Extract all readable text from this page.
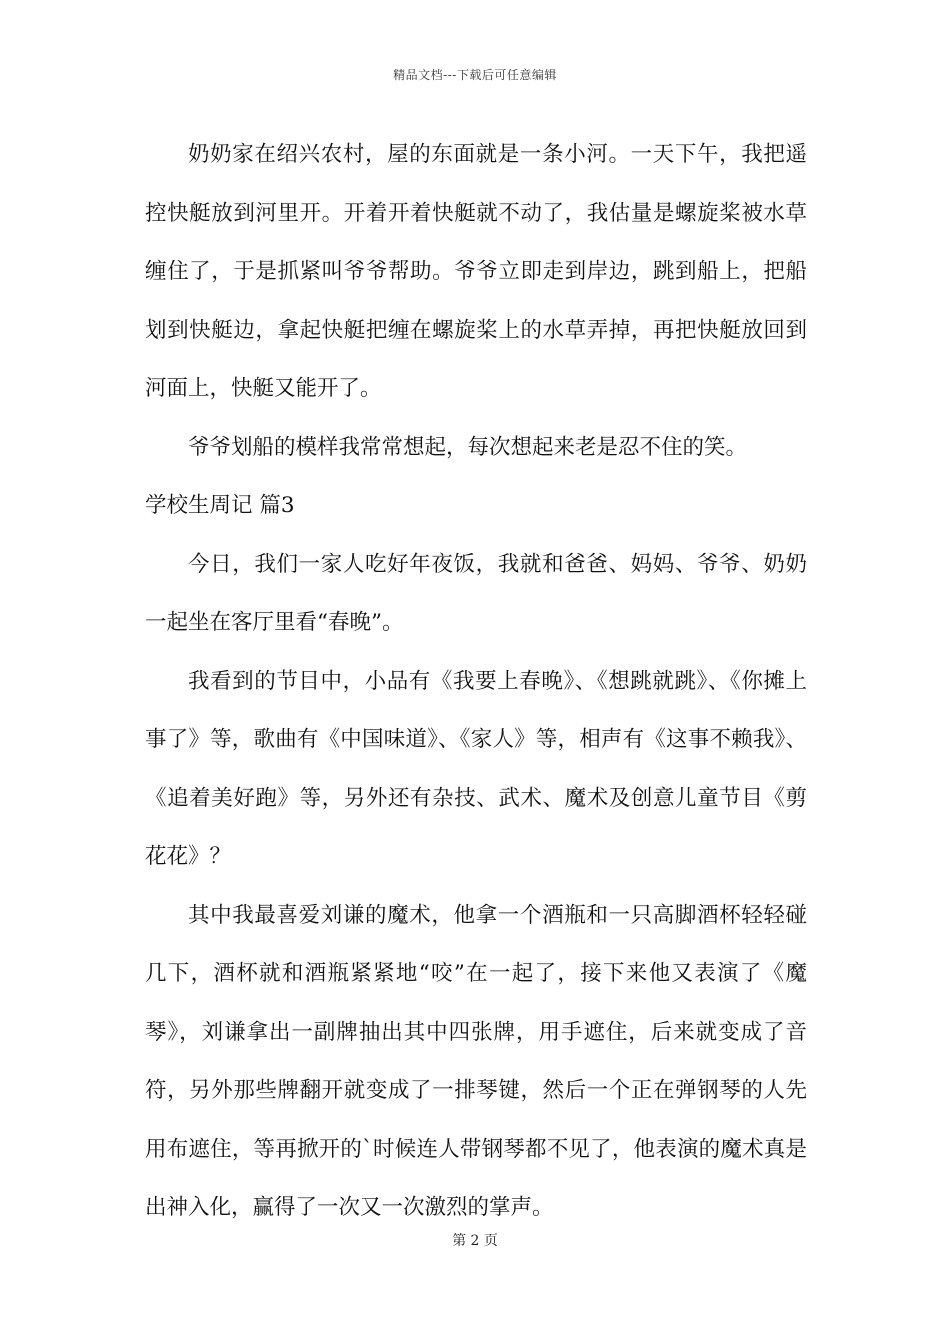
精品文档---下载后可任意编辑

奶奶家在绍兴农村，屋的东面就是一条小河。一天下午，我把遥控快艇放到河里开。开着开着快艇就不动了，我估量是螺旋桨被水草缠住了，于是抓紧叫爷爷帮助。爷爷立即走到岸边，跳到船上，把船划到快艇边，拿起快艇把缠在螺旋桨上的水草弄掉，再把快艇放回到河面上，快艇又能开了。

爷爷划船的模样我常常想起，每次想起来老是忍不住的笑。

学校生周记 篇3

今日，我们一家人吃好年夜饭，我就和爸爸、妈妈、爷爷、奶奶一起坐在客厅里看“春晚”。

我看到的节目中，小品有《我要上春晚》、《想跳就跳》、《你摊上事了》等，歌曲有《中国味道》、《家人》等，相声有《这事不赖我》、《追着美好跑》等，另外还有杂技、武术、魔术及创意儿童节目《剪花花》？

其中我最喜爱刘谦的魔术，他拿一个酒瓶和一只高脚酒杯轻轻碰几下，酒杯就和酒瓶紧紧地“咬”在一起了，接下来他又表演了《魔琴》，刘谦拿出一副牌抽出其中四张牌，用手遮住，后来就变成了音符，另外那些牌翻开就变成了一排琴键，然后一个正在弹钢琴的人先用布遮住，等再掀开的`时候连人带钢琴都不见了，他表演的魔术真是出神入化，赢得了一次又一次激烈的掌声。

第 2 页
